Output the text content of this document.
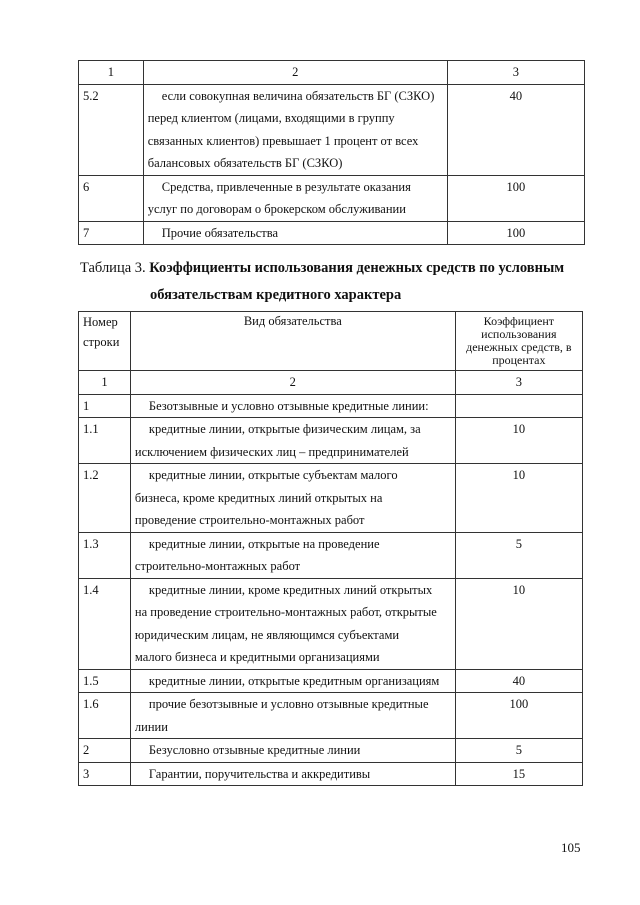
1	2	3
5.2	если совокупная величина обязательств БГ (СЗКО)
перед клиентом (лицами, входящими в группу
связанных клиентов) превышает 1 процент от всех
балансовых обязательств БГ (СЗКО)	40
6	Средства, привлеченные в результате оказания
услуг по договорам о брокерском обслуживании	100
7	Прочие обязательства	100
Таблица 3. Коэффициенты использования денежных средств по условным
обязательствам кредитного характера
Номер строки	Вид обязательства	Коэффициент использования денежных средств, в процентах
1	2	3
1	Безотзывные и условно отзывные кредитные линии:	

1.1	кредитные линии, открытые физическим лицам, за
исключением физических лиц – предпринимателей	10
1.2	кредитные линии, открытые субъектам малого
бизнеса, кроме кредитных линий открытых на
проведение строительно-монтажных работ	10
1.3	кредитные линии, открытые на проведение
строительно-монтажных работ	5
1.4	кредитные линии, кроме кредитных линий открытых
на проведение строительно-монтажных работ, открытые
юридическим лицам, не являющимся субъектами
малого бизнеса и кредитными организациями	10
1.5	кредитные линии, открытые кредитным организациям	40
1.6	прочие безотзывные и условно отзывные кредитные
линии	100
2	Безусловно отзывные кредитные линии	5
3	Гарантии, поручительства и аккредитивы	15
105
